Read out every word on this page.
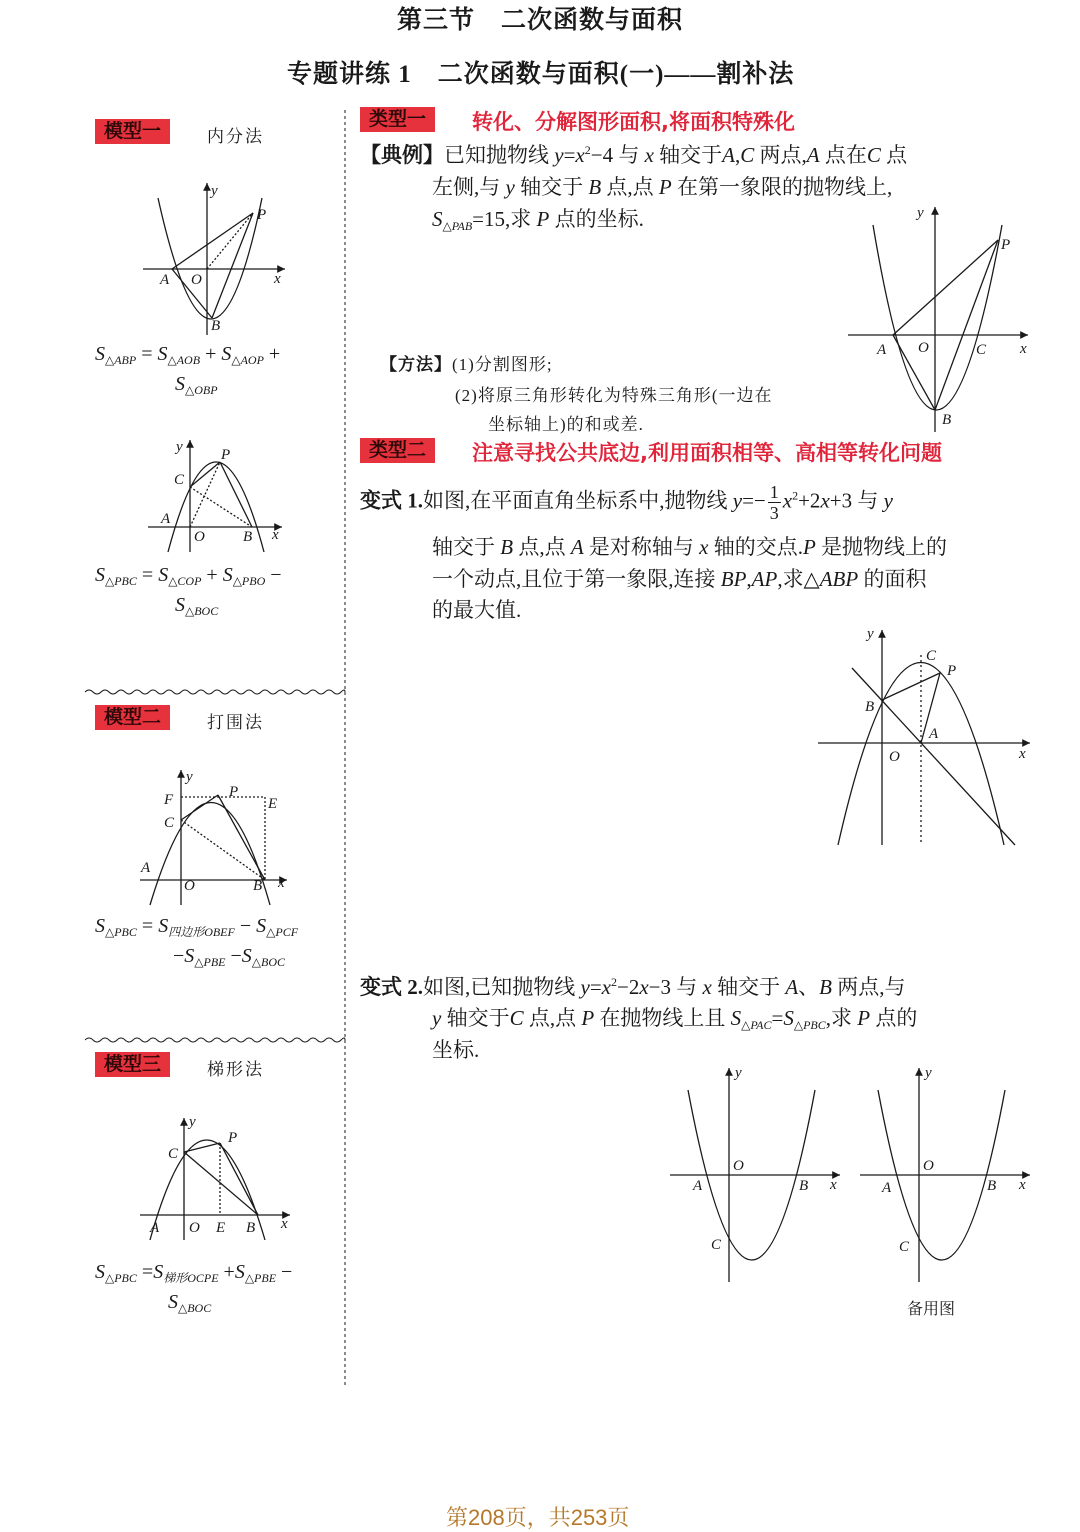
第三节　二次函数与面积
专题讲练 1　二次函数与面积(一)——割补法
y
P
A O	x
B
y	P
C
A
O	B x
y
P
F	E
C
A
O	B x
y
P
C
A O E B x
y
P
A O	C x
B
y
C
P
B
A
O	x
y
O
A	B x
C
y
O
A	B x
C
模型一	内分法
$S_{\triangle ABP} = S_{\triangle AOB} + S_{\triangle AOP}$ +
$S_{\triangle OBP}$
$S_{\triangle PBC} = S_{\triangle COP} + S_{\triangle PBO}$ −
$S_{\triangle BOC}$
模型二	打围法
$S_{\triangle PBC} = S_{四边形OBEF} - S_{\triangle PCF}$
$-S_{\triangle PBE} -S_{\triangle BOC}$
模型三	梯形法
$S_{\triangle PBC} =S_{梯形OCPE} +S_{\triangle PBE}$ −
$S_{\triangle BOC}$
类型一	转化、分解图形面积,将面积特殊化
【典例】已知抛物线 $y=x^2-4$ 与 x 轴交于A,C 两点,A 点在C 点
左侧,与 y 轴交于 B 点,点 P 在第一象限的抛物线上,
$S_{\triangle PAB}=15$,求 P 点的坐标.
【方法】(1)分割图形;
(2)将原三角形转化为特殊三角形(一边在
坐标轴上)的和或差.
类型二	注意寻找公共底边,利用面积相等、高相等转化问题
变式 1.如图,在平面直角坐标系中,抛物线 $y=- \frac{1}{3} x^2+2x+3$ 与 y
轴交于 B 点,点 A 是对称轴与 x 轴的交点.P 是抛物线上的
一个动点,且位于第一象限,连接 BP,AP,求△ABP 的面积
的最大值.
变式 2.如图,已知抛物线 $y=x^2-2x-3$ 与 x 轴交于 A、B 两点,与
y 轴交于C 点,点 P 在抛物线上且 $S_{\triangle PAC}=S_{\triangle PBC}$,求 P 点的
坐标.
备用图
第208页，共253页
